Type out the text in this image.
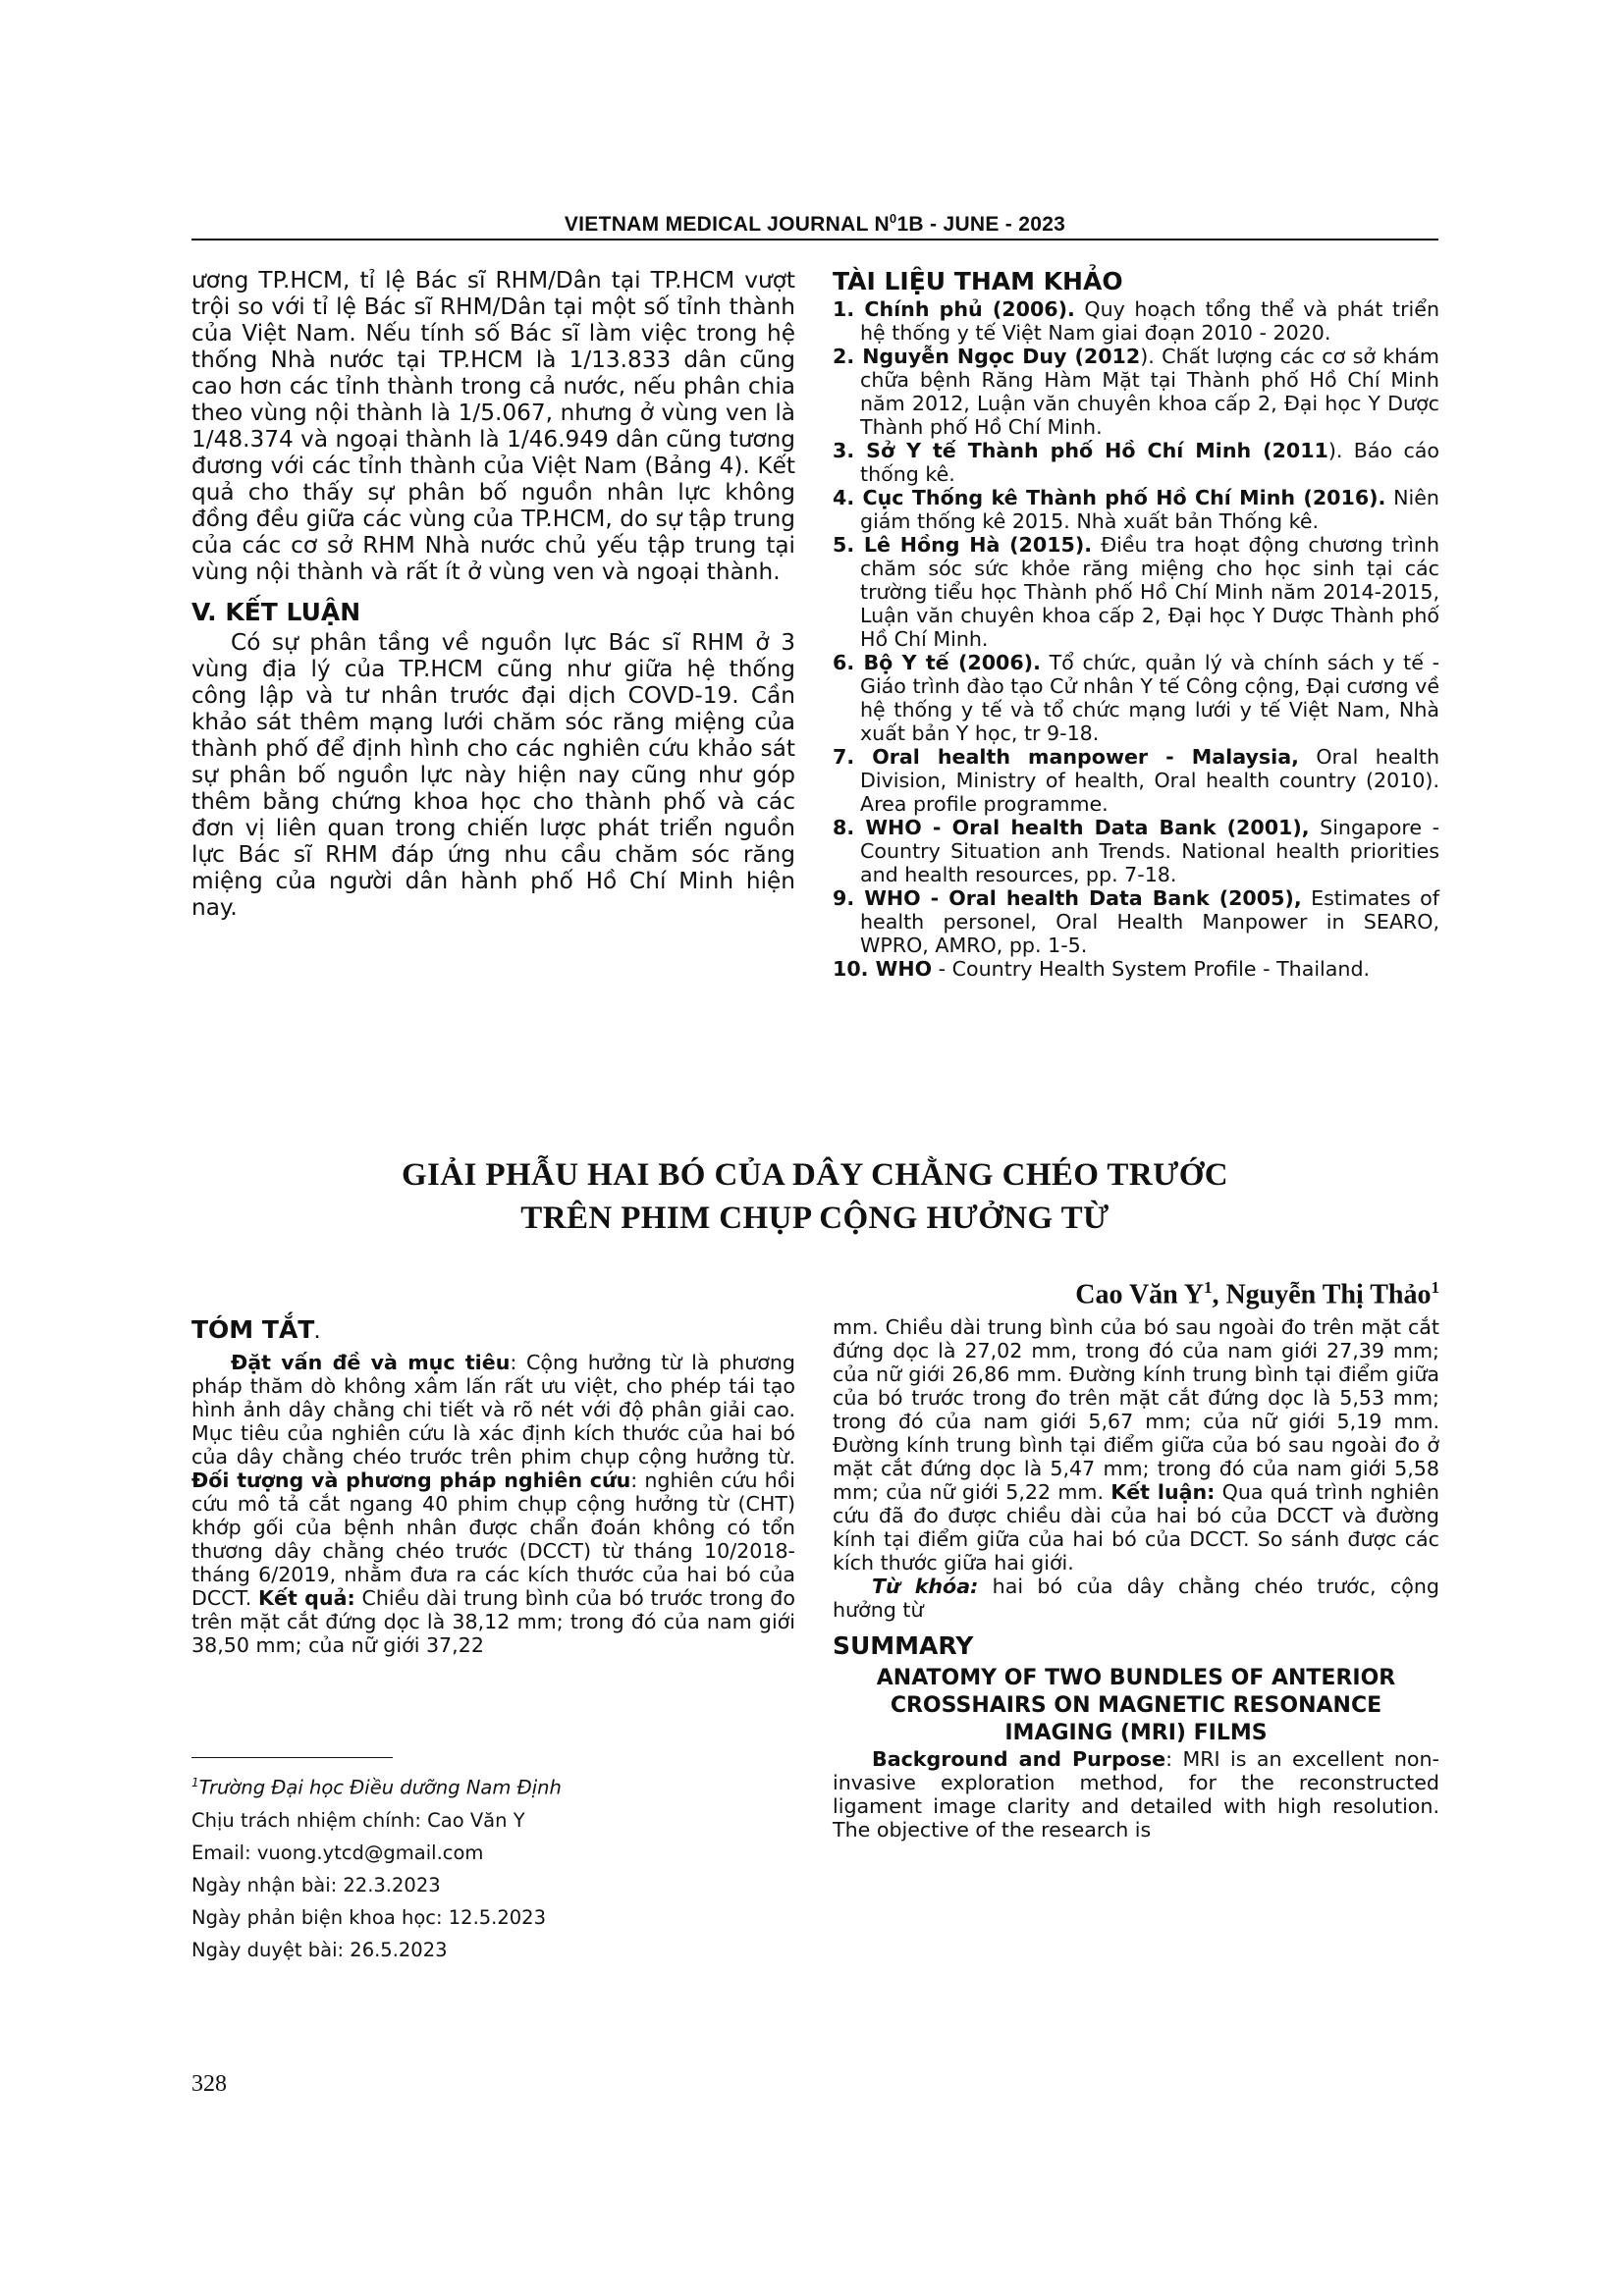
VIETNAM MEDICAL JOURNAL $N^01B$ - JUNE - 2023

ương TP.HCM, tỉ lệ Bác sĩ RHM/Dân tại TP.HCM vượt trội so với tỉ lệ Bác sĩ RHM/Dân tại một số tỉnh thành của Việt Nam. Nếu tính số Bác sĩ làm việc trong hệ thống Nhà nước tại TP.HCM là 1/13.833 dân cũng cao hơn các tỉnh thành trong cả nước, nếu phân chia theo vùng nội thành là 1/5.067, nhưng ở vùng ven là 1/48.374 và ngoại thành là 1/46.949 dân cũng tương đương với các tỉnh thành của Việt Nam (Bảng 4). Kết quả cho thấy sự phân bố nguồn nhân lực không đồng đều giữa các vùng của TP.HCM, do sự tập trung của các cơ sở RHM Nhà nước chủ yếu tập trung tại vùng nội thành và rất ít ở vùng ven và ngoại thành.

V. KẾT LUẬN

Có sự phân tầng về nguồn lực Bác sĩ RHM ở 3 vùng địa lý của TP.HCM cũng như giữa hệ thống công lập và tư nhân trước đại dịch COVD-19. Cần khảo sát thêm mạng lưới chăm sóc răng miệng của thành phố để định hình cho các nghiên cứu khảo sát sự phân bố nguồn lực này hiện nay cũng như góp thêm bằng chứng khoa học cho thành phố và các đơn vị liên quan trong chiến lược phát triển nguồn lực Bác sĩ RHM đáp ứng nhu cầu chăm sóc răng miệng của người dân hành phố Hồ Chí Minh hiện nay.

TÀI LIỆU THAM KHẢO
1. Chính phủ (2006). Quy hoạch tổng thể và phát triển hệ thống y tế Việt Nam giai đoạn 2010 - 2020.
2. Nguyễn Ngọc Duy (2012). Chất lượng các cơ sở khám chữa bệnh Răng Hàm Mặt tại Thành phố Hồ Chí Minh năm 2012, Luận văn chuyên khoa cấp 2, Đại học Y Dược Thành phố Hồ Chí Minh.
3. Sở Y tế Thành phố Hồ Chí Minh (2011). Báo cáo thống kê.
4. Cục Thống kê Thành phố Hồ Chí Minh (2016). Niên giám thống kê 2015. Nhà xuất bản Thống kê.
5. Lê Hồng Hà (2015). Điều tra hoạt động chương trình chăm sóc sức khỏe răng miệng cho học sinh tại các trường tiểu học Thành phố Hồ Chí Minh năm 2014-2015, Luận văn chuyên khoa cấp 2, Đại học Y Dược Thành phố Hồ Chí Minh.
6. Bộ Y tế (2006). Tổ chức, quản lý và chính sách y tế - Giáo trình đào tạo Cử nhân Y tế Công cộng, Đại cương về hệ thống y tế và tổ chức mạng lưới y tế Việt Nam, Nhà xuất bản Y học, tr 9-18.
7. Oral health manpower - Malaysia, Oral health Division, Ministry of health, Oral health country (2010). Area profile programme.
8. WHO - Oral health Data Bank (2001), Singapore - Country Situation anh Trends. National health priorities and health resources, pp. 7-18.
9. WHO - Oral health Data Bank (2005), Estimates of health personel, Oral Health Manpower in SEARO, WPRO, AMRO, pp. 1-5.
10. WHO - Country Health System Profile - Thailand.
GIẢI PHẪU HAI BÓ CỦA DÂY CHẰNG CHÉO TRƯỚC
TRÊN PHIM CHỤP CỘNG HƯỞNG TỪ
Cao Văn $Y^1$, Nguyễn Thị Thảo$^1$
TÓM TẮT.

Đặt vấn đề và mục tiêu: Cộng hưởng từ là phương pháp thăm dò không xâm lấn rất ưu việt, cho phép tái tạo hình ảnh dây chằng chi tiết và rõ nét với độ phân giải cao. Mục tiêu của nghiên cứu là xác định kích thước của hai bó của dây chằng chéo trước trên phim chụp cộng hưởng từ. Đối tượng và phương pháp nghiên cứu: nghiên cứu hồi cứu mô tả cắt ngang 40 phim chụp cộng hưởng từ (CHT) khớp gối của bệnh nhân được chẩn đoán không có tổn thương dây chằng chéo trước (DCCT) từ tháng 10/2018-tháng 6/2019, nhằm đưa ra các kích thước của hai bó của DCCT. Kết quả: Chiều dài trung bình của bó trước trong đo trên mặt cắt đứng dọc là 38,12 mm; trong đó của nam giới 38,50 mm; của nữ giới 37,22

mm. Chiều dài trung bình của bó sau ngoài đo trên mặt cắt đứng dọc là 27,02 mm, trong đó của nam giới 27,39 mm; của nữ giới 26,86 mm. Đường kính trung bình tại điểm giữa của bó trước trong đo trên mặt cắt đứng dọc là 5,53 mm; trong đó của nam giới 5,67 mm; của nữ giới 5,19 mm. Đường kính trung bình tại điểm giữa của bó sau ngoài đo ở mặt cắt đứng dọc là 5,47 mm; trong đó của nam giới 5,58 mm; của nữ giới 5,22 mm. Kết luận: Qua quá trình nghiên cứu đã đo được chiều dài của hai bó của DCCT và đường kính tại điểm giữa của hai bó của DCCT. So sánh được các kích thước giữa hai giới.

Từ khóa: hai bó của dây chằng chéo trước, cộng hưởng từ

SUMMARY
ANATOMY OF TWO BUNDLES OF ANTERIOR
CROSSHAIRS ON MAGNETIC RESONANCE
IMAGING (MRI) FILMS

Background and Purpose: MRI is an excellent non-invasive exploration method, for the reconstructed ligament image clarity and detailed with high resolution. The objective of the research is

$^1$Trường Đại học Điều dưỡng Nam Định
Chịu trách nhiệm chính: Cao Văn Y
Email: vuong.ytcd@gmail.com
Ngày nhận bài: 22.3.2023
Ngày phản biện khoa học: 12.5.2023
Ngày duyệt bài: 26.5.2023
328
